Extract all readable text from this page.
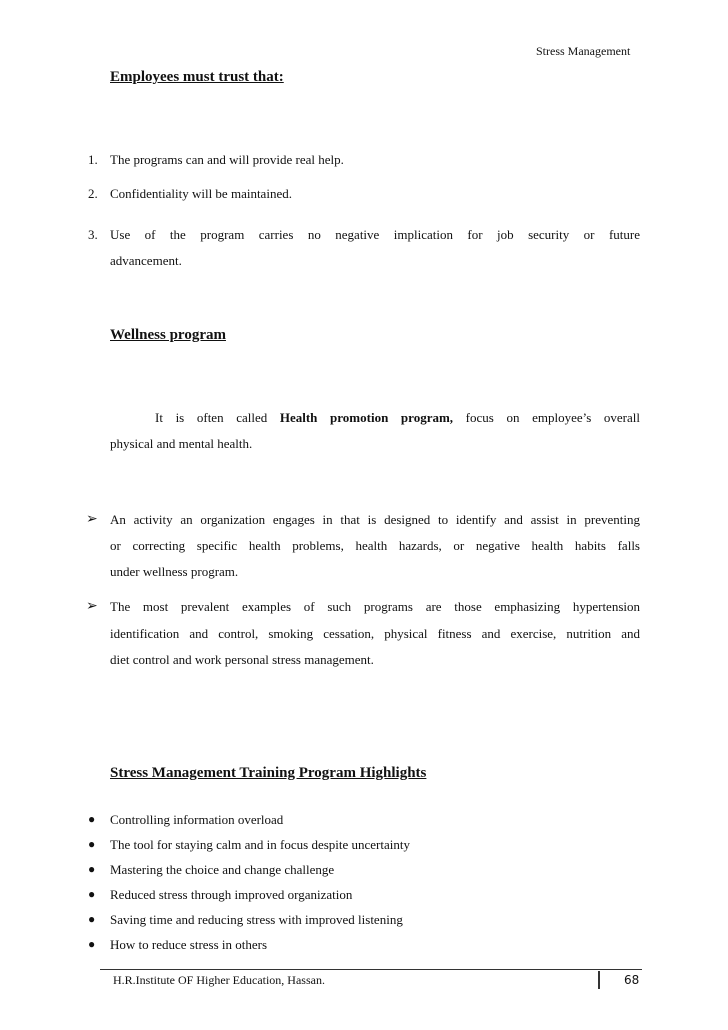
Stress Management
Employees must trust that:
1. The programs can and will provide real help.
2. Confidentiality will be maintained.
3. Use of the program carries no negative implication for job security or future
advancement.
Wellness program
It is often called Health promotion program, focus on employee’s overall
physical and mental health.
➢ An activity an organization engages in that is designed to identify and assist in preventing
or correcting specific health problems, health hazards, or negative health habits falls
under wellness program.
➢ The most prevalent examples of such programs are those emphasizing hypertension
identification and control, smoking cessation, physical fitness and exercise, nutrition and
diet control and work personal stress management.
Stress Management Training Program Highlights
● Controlling information overload
● The tool for staying calm and in focus despite uncertainty
● Mastering the choice and change challenge
● Reduced stress through improved organization
● Saving time and reducing stress with improved listening
● How to reduce stress in others
H.R.Institute OF Higher Education, Hassan.	68
